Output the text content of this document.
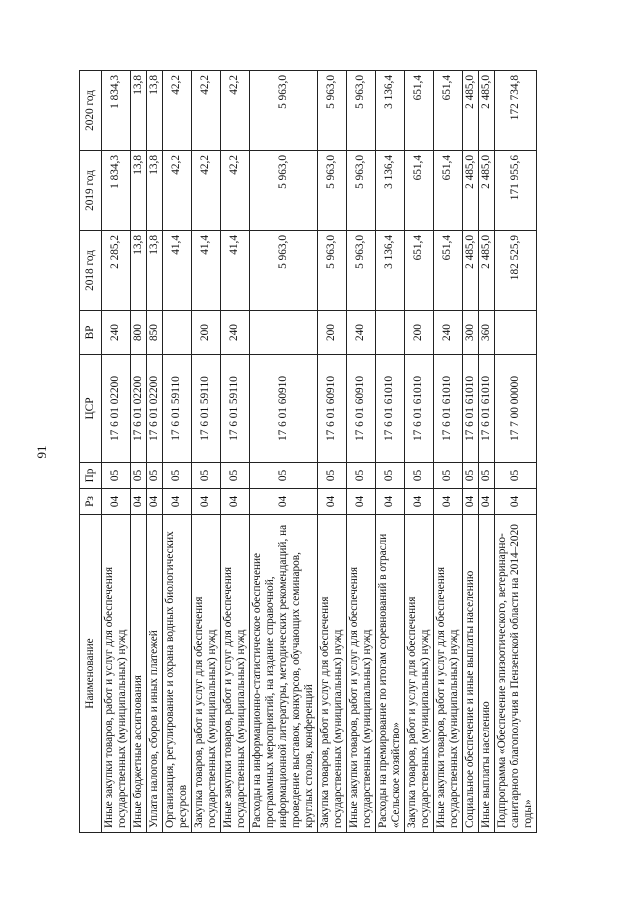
91
Наименование	Рз	Пр	ЦСР	ВР	2018 год	2019 год	2020 год
Иные закупки товаров, работ и услуг для обеспечения государственных (муниципальных) нужд	04	05	17 6 01 02200	240	2 285,2	1 834,3	1 834,3
Иные бюджетные ассигнования	04	05	17 6 01 02200	800	13,8	13,8	13,8
Уплата налогов, сборов и иных платежей	04	05	17 6 01 02200	850	13,8	13,8	13,8
Организация, регулирование и охрана водных биологических ресурсов	04	05	17 6 01 59110		41,4	42,2	42,2
Закупка товаров, работ и услуг для обеспечения государственных (муниципальных) нужд	04	05	17 6 01 59110	200	41,4	42,2	42,2
Иные закупки товаров, работ и услуг для обеспечения государственных (муниципальных) нужд	04	05	17 6 01 59110	240	41,4	42,2	42,2
Расходы на информационно-статистическое обеспечение программных мероприятий, на издание справочной, информационной литературы, методических рекомендаций, на проведение выставок, конкурсов, обучающих семинаров, круглых столов, конференций	04	05	17 6 01 60910		5 963,0	5 963,0	5 963,0
Закупка товаров, работ и услуг для обеспечения государственных (муниципальных) нужд	04	05	17 6 01 60910	200	5 963,0	5 963,0	5 963,0
Иные закупки товаров, работ и услуг для обеспечения государственных (муниципальных) нужд	04	05	17 6 01 60910	240	5 963,0	5 963,0	5 963,0
Расходы на премирование по итогам соревнований в отрасли «Сельское хозяйство»	04	05	17 6 01 61010		3 136,4	3 136,4	3 136,4
Закупка товаров, работ и услуг для обеспечения государственных (муниципальных) нужд	04	05	17 6 01 61010	200	651,4	651,4	651,4
Иные закупки товаров, работ и услуг для обеспечения государственных (муниципальных) нужд	04	05	17 6 01 61010	240	651,4	651,4	651,4
Социальное обеспечение и иные выплаты населению	04	05	17 6 01 61010	300	2 485,0	2 485,0	2 485,0
Иные выплаты населению	04	05	17 6 01 61010	360	2 485,0	2 485,0	2 485,0
Подпрограмма «Обеспечение эпизоотического, ветеринарно-санитарного благополучия в Пензенской области на 2014–2020 годы»	04	05	17 7 00 00000		182 525,9	171 955,6	172 734,8
